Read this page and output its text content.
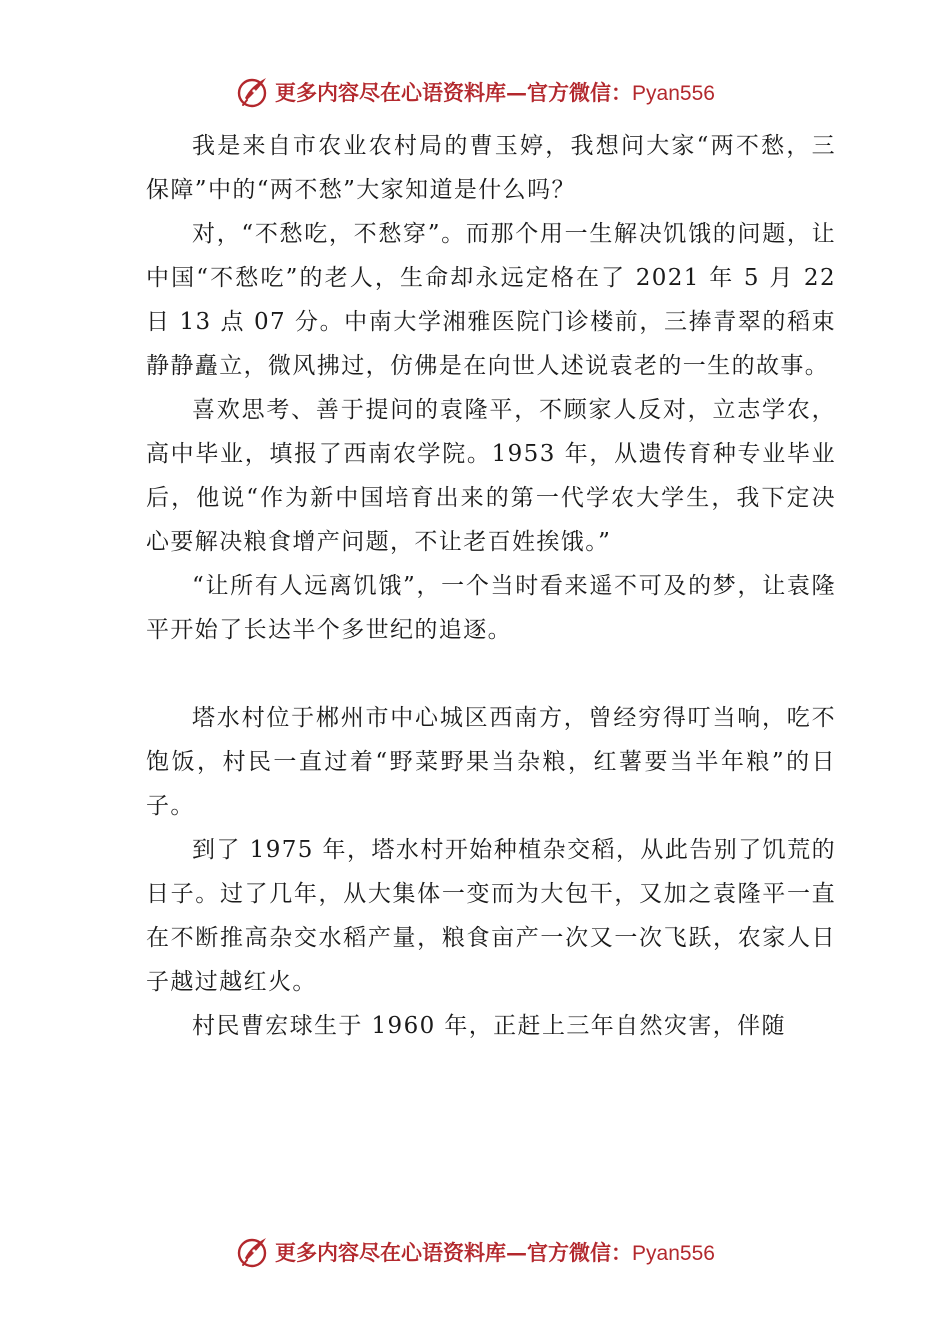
更多内容尽在心语资料库—官方微信：Pyan556

我是来自市农业农村局的曹玉婷，我想问大家“两不愁，三保障”中的“两不愁”大家知道是什么吗？

对，“不愁吃，不愁穿”。而那个用一生解决饥饿的问题，让中国“不愁吃”的老人，生命却永远定格在了 2021 年 5 月 22 日 13 点 07 分。中南大学湘雅医院门诊楼前，三捧青翠的稻束静静矗立，微风拂过，仿佛是在向世人述说袁老的一生的故事。

喜欢思考、善于提问的袁隆平，不顾家人反对，立志学农，高中毕业，填报了西南农学院。1953 年，从遗传育种专业毕业后，他说“作为新中国培育出来的第一代学农大学生，我下定决心要解决粮食增产问题，不让老百姓挨饿。”

“让所有人远离饥饿”，一个当时看来遥不可及的梦，让袁隆平开始了长达半个多世纪的追逐。

塔水村位于郴州市中心城区西南方，曾经穷得叮当响，吃不饱饭，村民一直过着“野菜野果当杂粮，红薯要当半年粮”的日子。

到了 1975 年，塔水村开始种植杂交稻，从此告别了饥荒的日子。过了几年，从大集体一变而为大包干，又加之袁隆平一直在不断推高杂交水稻产量，粮食亩产一次又一次飞跃，农家人日子越过越红火。

村民曹宏球生于 1960 年，正赶上三年自然灾害，伴随

更多内容尽在心语资料库—官方微信：Pyan556
